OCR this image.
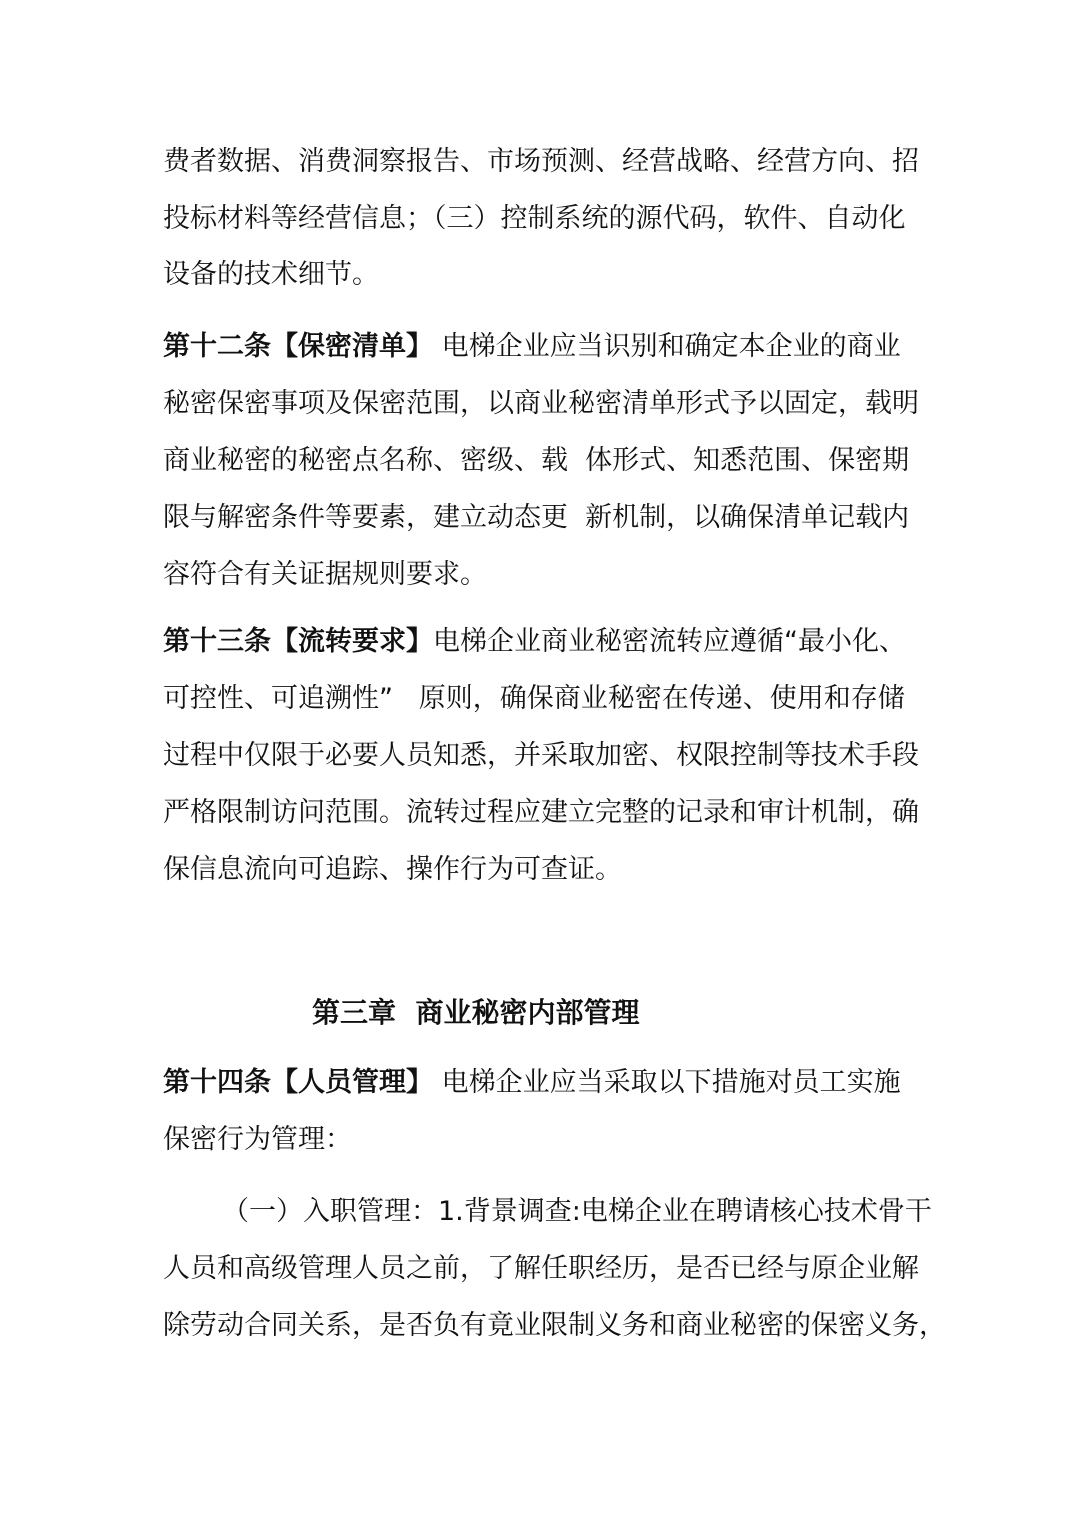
费者数据、消费洞察报告、市场预测、经营战略、经营方向、招
投标材料等经营信息；（三）控制系统的源代码，软件、自动化
设备的技术细节。
第十二条【保密清单】 电梯企业应当识别和确定本企业的商业
秘密保密事项及保密范围，以商业秘密清单形式予以固定，载明
商业秘密的秘密点名称、密级、载  体形式、知悉范围、保密期
限与解密条件等要素，建立动态更  新机制，以确保清单记载内
容符合有关证据规则要求。
第十三条【流转要求】电梯企业商业秘密流转应遵循“最小化、
可控性、可追溯性”   原则，确保商业秘密在传递、使用和存储
过程中仅限于必要人员知悉，并采取加密、权限控制等技术手段
严格限制访问范围。流转过程应建立完整的记录和审计机制，确
保信息流向可追踪、操作行为可查证。
第三章  商业秘密内部管理
第十四条【人员管理】 电梯企业应当采取以下措施对员工实施
保密行为管理：
（一）入职管理：1.背景调查:电梯企业在聘请核心技术骨干
人员和高级管理人员之前，了解任职经历，是否已经与原企业解
除劳动合同关系，是否负有竟业限制义务和商业秘密的保密义务，
